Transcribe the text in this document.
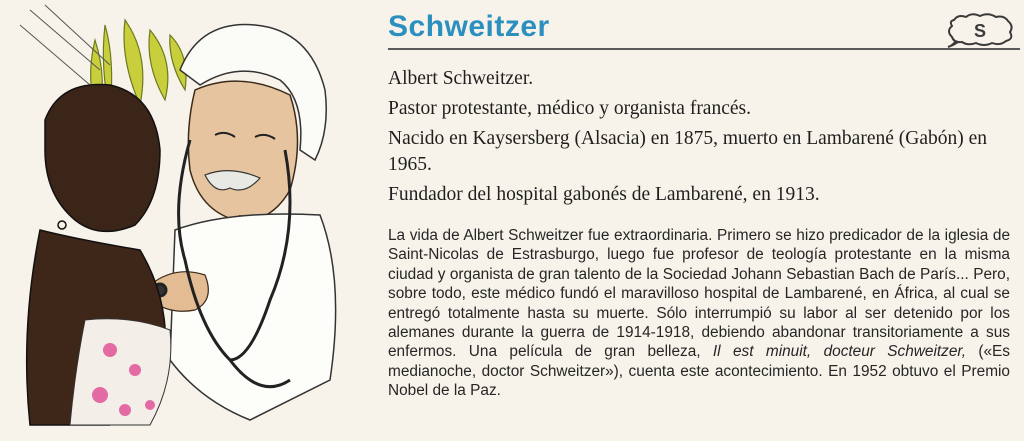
Schweitzer	S
Albert Schweitzer.
Pastor protestante, médico y organista francés.
Nacido en Kaysersberg (Alsacia) en 1875, muerto en Lambarené (Gabón) en 1965.
Fundador del hospital gabonés de Lambarené, en 1913.
La vida de Albert Schweitzer fue extraordinaria. Primero se hizo predicador de la iglesia de Saint-Nicolas de Estrasburgo, luego fue profesor de teología protestante en la misma ciudad y organista de gran talento de la Sociedad Johann Sebastian Bach de París... Pero, sobre todo, este médico fundó el maravilloso hospital de Lambarené, en África, al cual se entregó totalmente hasta su muerte. Sólo interrumpió su labor al ser detenido por los alemanes durante la guerra de 1914-1918, debiendo abandonar transitoriamente a sus enfermos. Una película de gran belleza, Il est minuit, docteur Schweitzer, («Es medianoche, doctor Schweitzer»), cuenta este acontecimiento. En 1952 obtuvo el Premio Nobel de la Paz.
